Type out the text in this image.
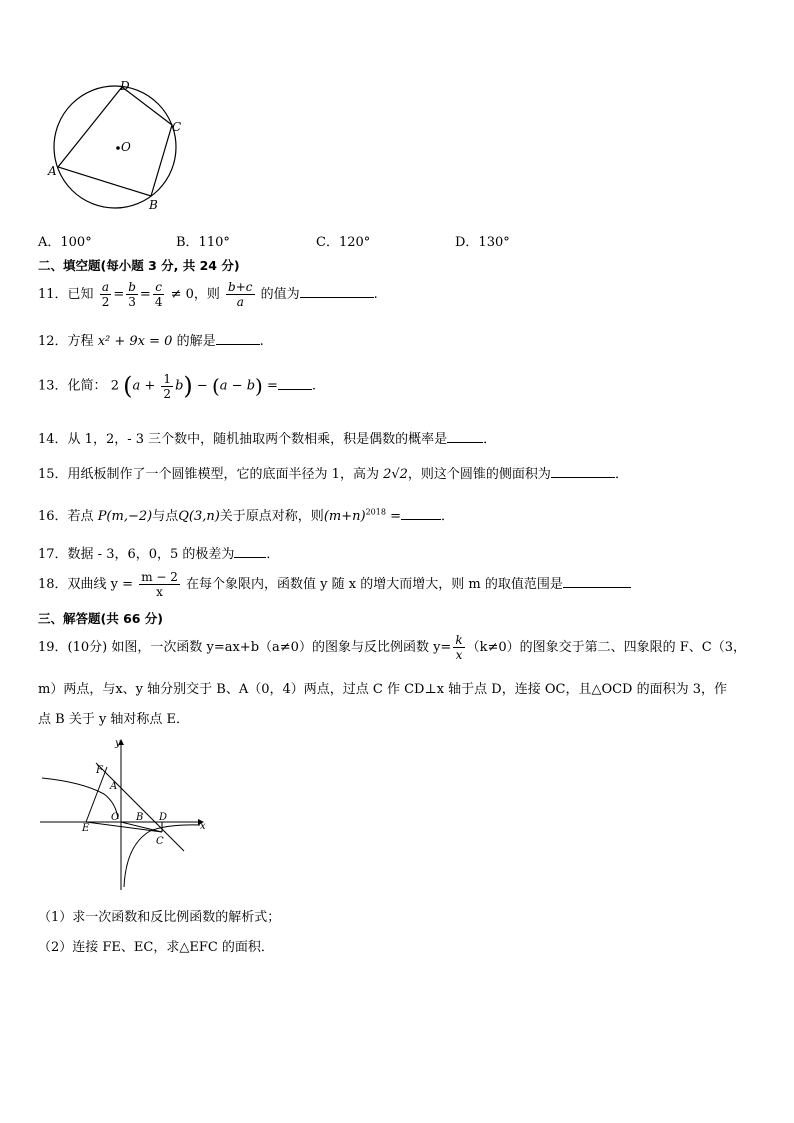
D
C
O
A
B
A．100°	B．110°	C．120°	D．130°
二、填空题(每小题 3 分, 共 24 分)
11．已知 $\frac{a}{2} = \frac{b}{3} = \frac{c}{4} \ne 0$，则 $\frac{b+c}{a}$ 的值为	.
12．方程 x² + 9x = 0 的解是	.
13．化简： 2 $(a + \frac{1}{2} b) - (a - b)$ =	.
14．从 1，2，- 3 三个数中，随机抽取两个数相乘，积是偶数的概率是	．
15．用纸板制作了一个圆锥模型，它的底面半径为 1，高为 2√2，则这个圆锥的侧面积为	．
16．若点 P(m,−2)与点Q(3,n)关于原点对称，则$(m+n)^{2018}$ =	．
17．数据 - 3，6，0，5 的极差为 ．
18．双曲线 $y = \frac{m - 2}{x}$ 在每个象限内，函数值 y 随 x 的增大而增大，则 m 的取值范围是
三、解答题(共 66 分)
19．(10分) 如图，一次函数 y=ax+b（a≠0）的图象与反比例函数 $y= \frac{k}{x} (k\ne 0)$的图象交于第二、四象限的 F、C（3，
m）两点，与x、y 轴分别交于 B、A（0，4）两点，过点 C 作 CD⊥x 轴于点 D，连接 OC，且△OCD 的面积为 3，作
点 B 关于 y 轴对称点 E．
y
x
F
A
E
O B D
C
（1）求一次函数和反比例函数的解析式；
（2）连接 FE、EC，求△EFC 的面积．
